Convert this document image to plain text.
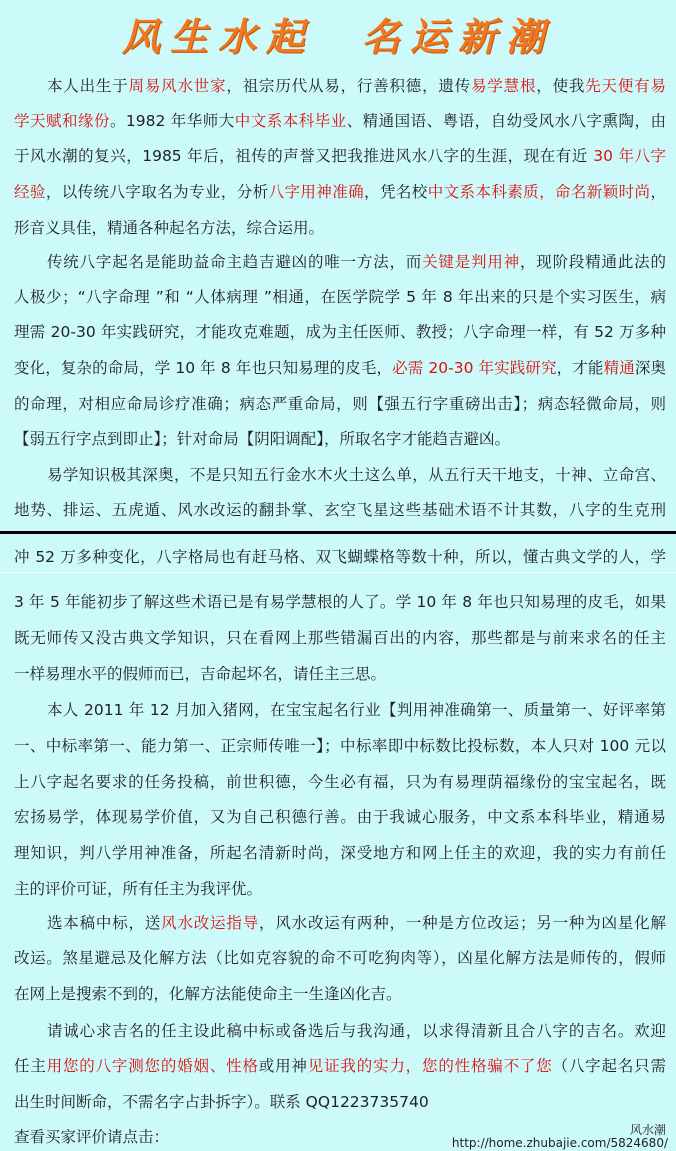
风生水起　名运新潮
本人出生于周易风水世家，祖宗历代从易，行善积德，遗传易学慧根，使我先天便有易
学天赋和缘份。1982 年华师大中文系本科毕业、精通国语、粤语，自幼受风水八字熏陶，由
于风水潮的复兴，1985 年后，祖传的声誉又把我推进风水八字的生涯，现在有近 30 年八字
经验，以传统八字取名为专业，分析八字用神准确，凭名校中文系本科素质，命名新颖时尚，
形音义具佳，精通各种起名方法，综合运用。
传统八字起名是能助益命主趋吉避凶的唯一方法，而关键是判用神，现阶段精通此法的
人极少；“八字命理 ”和 “人体病理 ”相通，在医学院学 5 年 8 年出来的只是个实习医生，病
理需 20-30 年实践研究，才能攻克难题，成为主任医师、教授；八字命理一样，有 52 万多种
变化，复杂的命局，学 10 年 8 年也只知易理的皮毛，必需 20-30 年实践研究，才能精通深奥
的命理，对相应命局诊疗准确；病态严重命局，则【强五行字重磅出击】；病态轻微命局，则
【弱五行字点到即止】；针对命局【阴阳调配】，所取名字才能趋吉避凶。
易学知识极其深奥，不是只知五行金水木火土这么单，从五行天干地支，十神、立命宫、
地势、排运、五虎遁、风水改运的翻卦掌、玄空飞星这些基础术语不计其数，八字的生克刑
冲 52 万多种变化，八字格局也有赶马格、双飞蝴蝶格等数十种，所以，懂古典文学的人，学
3 年 5 年能初步了解这些术语已是有易学慧根的人了。学 10 年 8 年也只知易理的皮毛，如果
既无师传又没古典文学知识，只在看网上那些错漏百出的内容，那些都是与前来求名的任主
一样易理水平的假师而已，吉命起坏名，请任主三思。
本人 2011 年 12 月加入猪网，在宝宝起名行业【判用神准确第一、质量第一、好评率第
一、中标率第一、能力第一、正宗师传唯一】；中标率即中标数比投标数，本人只对 100 元以
上八字起名要求的任务投稿，前世积德，今生必有福，只为有易理荫福缘份的宝宝起名，既
宏扬易学，体现易学价值，又为自己积德行善。由于我诚心服务，中文系本科毕业，精通易
理知识，判八学用神准备，所起名清新时尚，深受地方和网上任主的欢迎，我的实力有前任
主的评价可证，所有任主为我评优。
选本稿中标，送风水改运指导，风水改运有两种，一种是方位改运；另一种为凶星化解
改运。煞星避忌及化解方法（比如克容貌的命不可吃狗肉等），凶星化解方法是师传的，假师
在网上是搜索不到的，化解方法能使命主一生逢凶化吉。
请诚心求吉名的任主设此稿中标或备选后与我沟通，以求得清新且合八字的吉名。欢迎
任主用您的八字测您的婚姻、性格或用神见证我的实力，您的性格骗不了您（八字起名只需
出生时间断命，不需名字占卦拆字）。联系 QQ1223735740
查看买家评价请点击：	风水潮
http://home.zhubajie.com/5824680/
